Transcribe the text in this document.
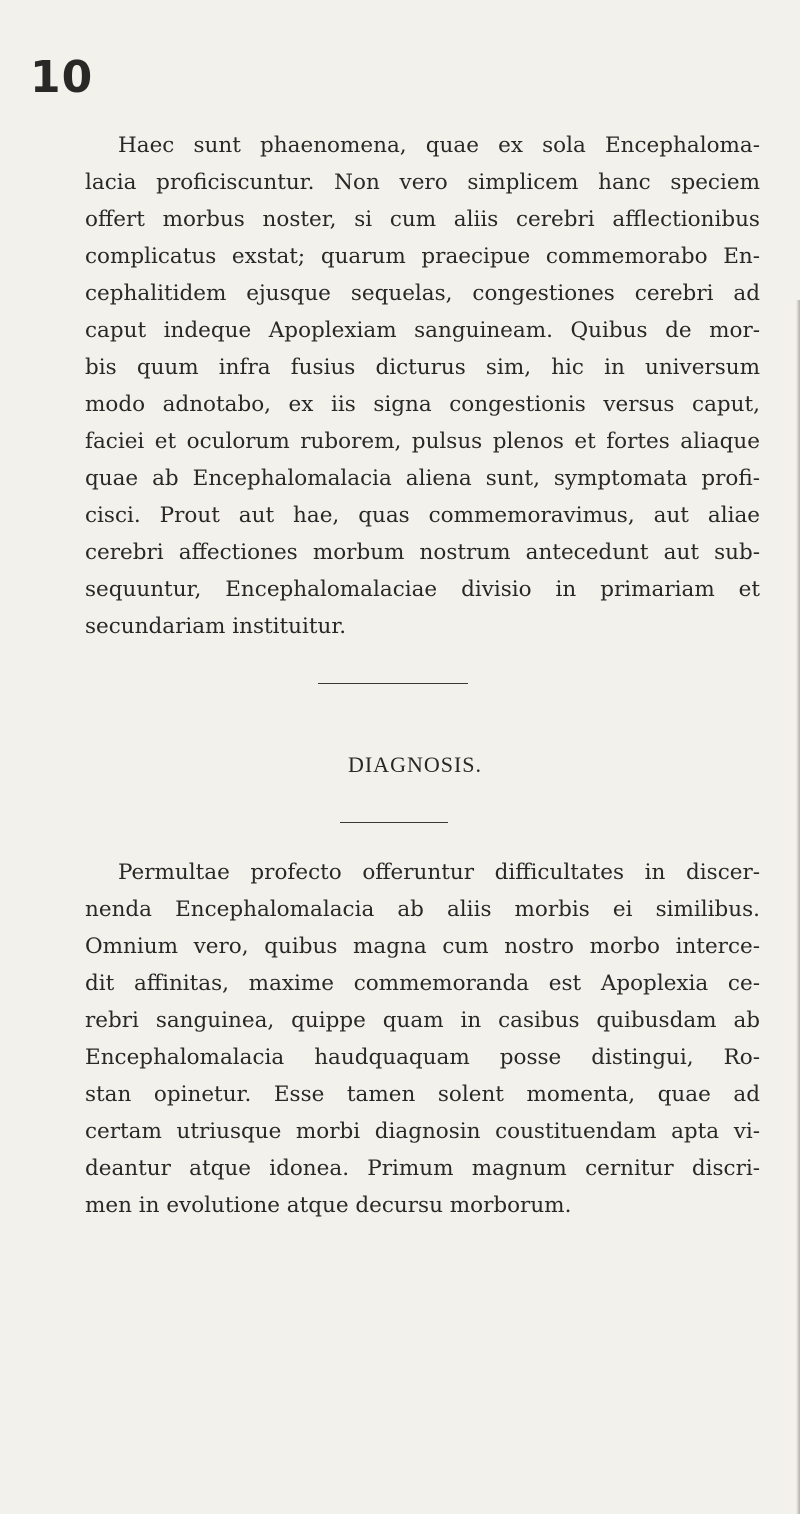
10
Haec sunt phaenomena, quae ex sola Encephaloma-
lacia proficiscuntur. Non vero simplicem hanc speciem
offert morbus noster, si cum aliis cerebri afflectionibus
complicatus exstat; quarum praecipue commemorabo En-
cephalitidem ejusque sequelas, congestiones cerebri ad
caput indeque Apoplexiam sanguineam. Quibus de mor-
bis quum infra fusius dicturus sim, hic in universum
modo adnotabo, ex iis signa congestionis versus caput,
faciei et oculorum ruborem, pulsus plenos et fortes aliaque
quae ab Encephalomalacia aliena sunt, symptomata profi-
cisci. Prout aut hae, quas commemoravimus, aut aliae
cerebri affectiones morbum nostrum antecedunt aut sub-
sequuntur, Encephalomalaciae divisio in primariam et
secundariam instituitur.
DIAGNOSIS.
Permultae profecto offeruntur difficultates in discer-
nenda Encephalomalacia ab aliis morbis ei similibus.
Omnium vero, quibus magna cum nostro morbo interce-
dit affinitas, maxime commemoranda est Apoplexia ce-
rebri sanguinea, quippe quam in casibus quibusdam ab
Encephalomalacia haudquaquam posse distingui, Ro-
stan opinetur. Esse tamen solent momenta, quae ad
certam utriusque morbi diagnosin coustituendam apta vi-
deantur atque idonea. Primum magnum cernitur discri-
men in evolutione atque decursu morborum.
